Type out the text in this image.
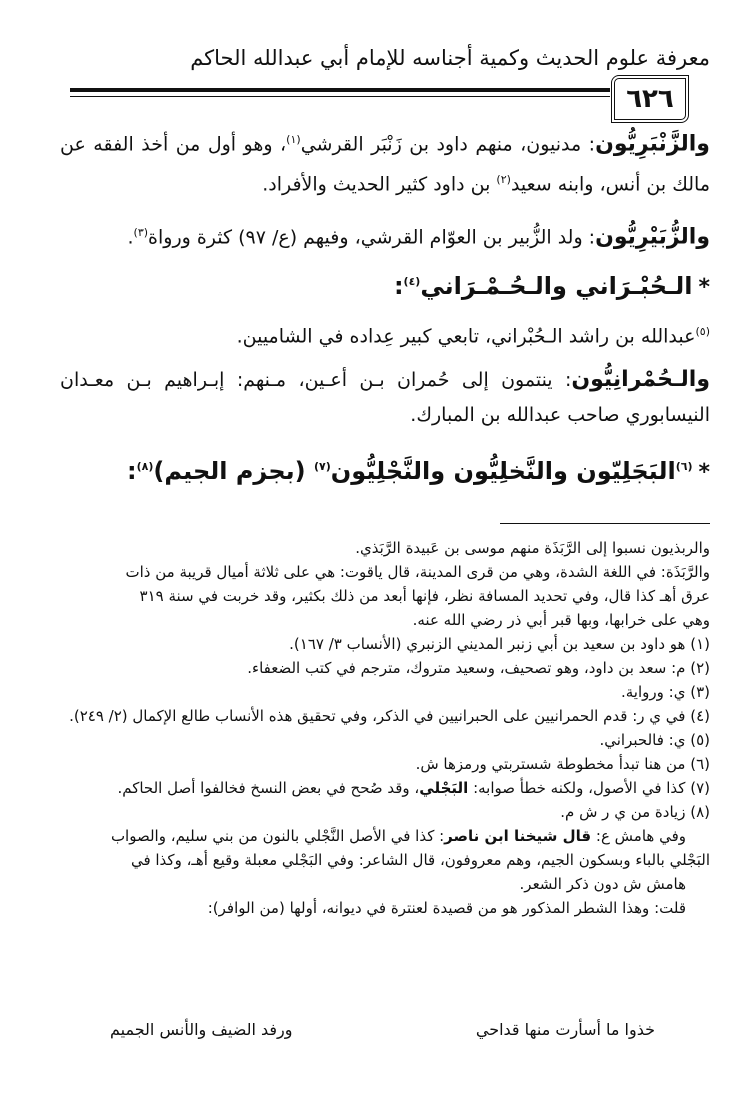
معرفة علوم الحديث وكمية أجناسه للإمام أبي عبدالله الحاكم
٦٢٦
والزَّنْبَرِيُّون: مدنيون، منهم داود بن زَنْبَر القرشي$^{(١)}$، وهو أول من أخذ الفقه عن مالك بن أنس، وابنه سعيد$^{(٢)}$ بن داود كثير الحديث والأفراد.
والزُّبَيْرِيُّون: ولد الزُّبير بن العوّام القرشي، وفيهم (ع/ ٩٧) كثرة ورواة$^{(٣)}$.
*الـحُبْـرَاني والـحُـمْـرَاني$^{(٤)}$:
$^{(٥)}$عبدالله بن راشد الـحُبْراني، تابعي كبير عِداده في الشاميين.
والـحُمْرانِيُّون: ينتمون إلى حُمران بـن أعـين، مـنهم: إبـراهيم بـن معـدان النيسابوري صاحب عبدالله بن المبارك.
*$^{(٦)}$البَجَلِيّون والنَّخلِيُّون والنَّجْلِيُّون$^{(٧)}$ (بجزم الجيم)$^{(٨)}$:
والربذيون نسبوا إلى الرَّبَذَة منهم موسى بن عَبيدة الرَّبَذي.
والرَّبَذَة: في اللغة الشدة، وهي من قرى المدينة، قال ياقوت: هي على ثلاثة أميال قريبة من ذات
عرق أهـ كذا قال، وفي تحديد المسافة نظر، فإنها أبعد من ذلك بكثير، وقد خربت في سنة ٣١٩
وهي على خرابها، وبها قبر أبي ذر رضي الله عنه.
(١) هو داود بن سعيد بن أبي زنبر المديني الزنبري (الأنساب ٣/ ١٦٧).
(٢) م: سعد بن داود، وهو تصحيف، وسعيد متروك، مترجم في كتب الضعفاء.
(٣) ي: ورواية.
(٤) في ي ر: قدم الحمرانيين على الحبرانيين في الذكر، وفي تحقيق هذه الأنساب طالع الإكمال (٢/ ٢٤٩).
(٥) ي: فالحبراني.
(٦) من هنا تبدأ مخطوطة شستربتي ورمزها ش.
(٧) كذا في الأصول، ولكنه خطأ صوابه: البَجْلي، وقد صُحح في بعض النسخ فخالفوا أصل الحاكم.
(٨) زيادة من ي ر ش م.
وفي هامش ع: قال شيخنا ابن ناصر: كذا في الأصل النَّجْلي بالنون من بني سليم، والصواب
البَجْلي بالباء وبسكون الجيم، وهم معروفون، قال الشاعر: وفي البَجْلي معبلة وقيع أهـ، وكذا في
هامش ش دون ذكر الشعر.
قلت: وهذا الشطر المذكور هو من قصيدة لعنترة في ديوانه، أولها (من الوافر):
خذوا ما أسأرت منها قداحي
ورفد الضيف والأنس الجميم
